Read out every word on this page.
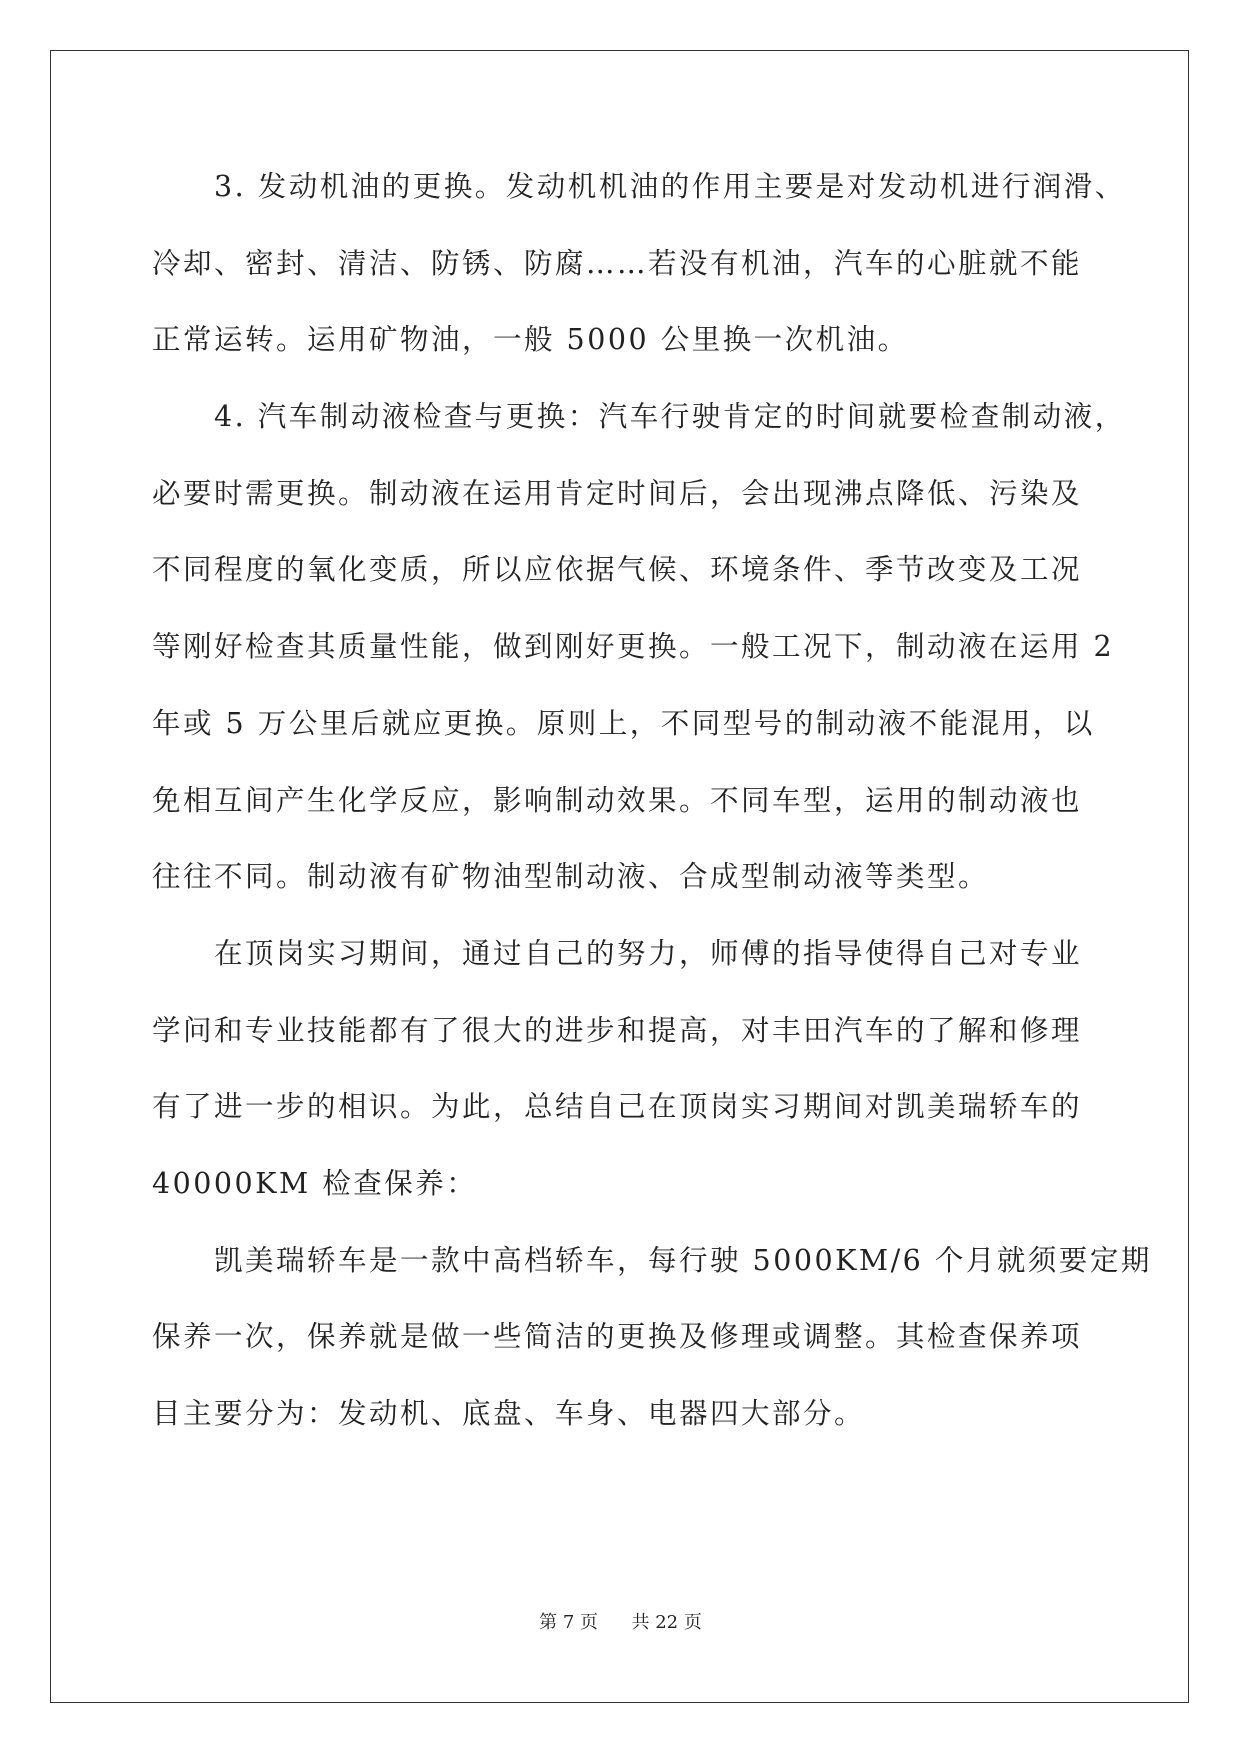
3. 发动机油的更换。发动机机油的作用主要是对发动机进行润滑、
冷却、密封、清洁、防锈、防腐……若没有机油，汽车的心脏就不能
正常运转。运用矿物油，一般 5000 公里换一次机油。
4. 汽车制动液检查与更换：汽车行驶肯定的时间就要检查制动液，
必要时需更换。制动液在运用肯定时间后，会出现沸点降低、污染及
不同程度的氧化变质，所以应依据气候、环境条件、季节改变及工况
等刚好检查其质量性能，做到刚好更换。一般工况下，制动液在运用 2
年或 5 万公里后就应更换。原则上，不同型号的制动液不能混用，以
免相互间产生化学反应，影响制动效果。不同车型，运用的制动液也
往往不同。制动液有矿物油型制动液、合成型制动液等类型。
在顶岗实习期间，通过自己的努力，师傅的指导使得自己对专业
学问和专业技能都有了很大的进步和提高，对丰田汽车的了解和修理
有了进一步的相识。为此，总结自己在顶岗实习期间对凯美瑞轿车的
40000KM 检查保养：
凯美瑞轿车是一款中高档轿车，每行驶 5000KM/6 个月就须要定期
保养一次，保养就是做一些简洁的更换及修理或调整。其检查保养项
目主要分为：发动机、底盘、车身、电器四大部分。
第 7 页 共 22 页
